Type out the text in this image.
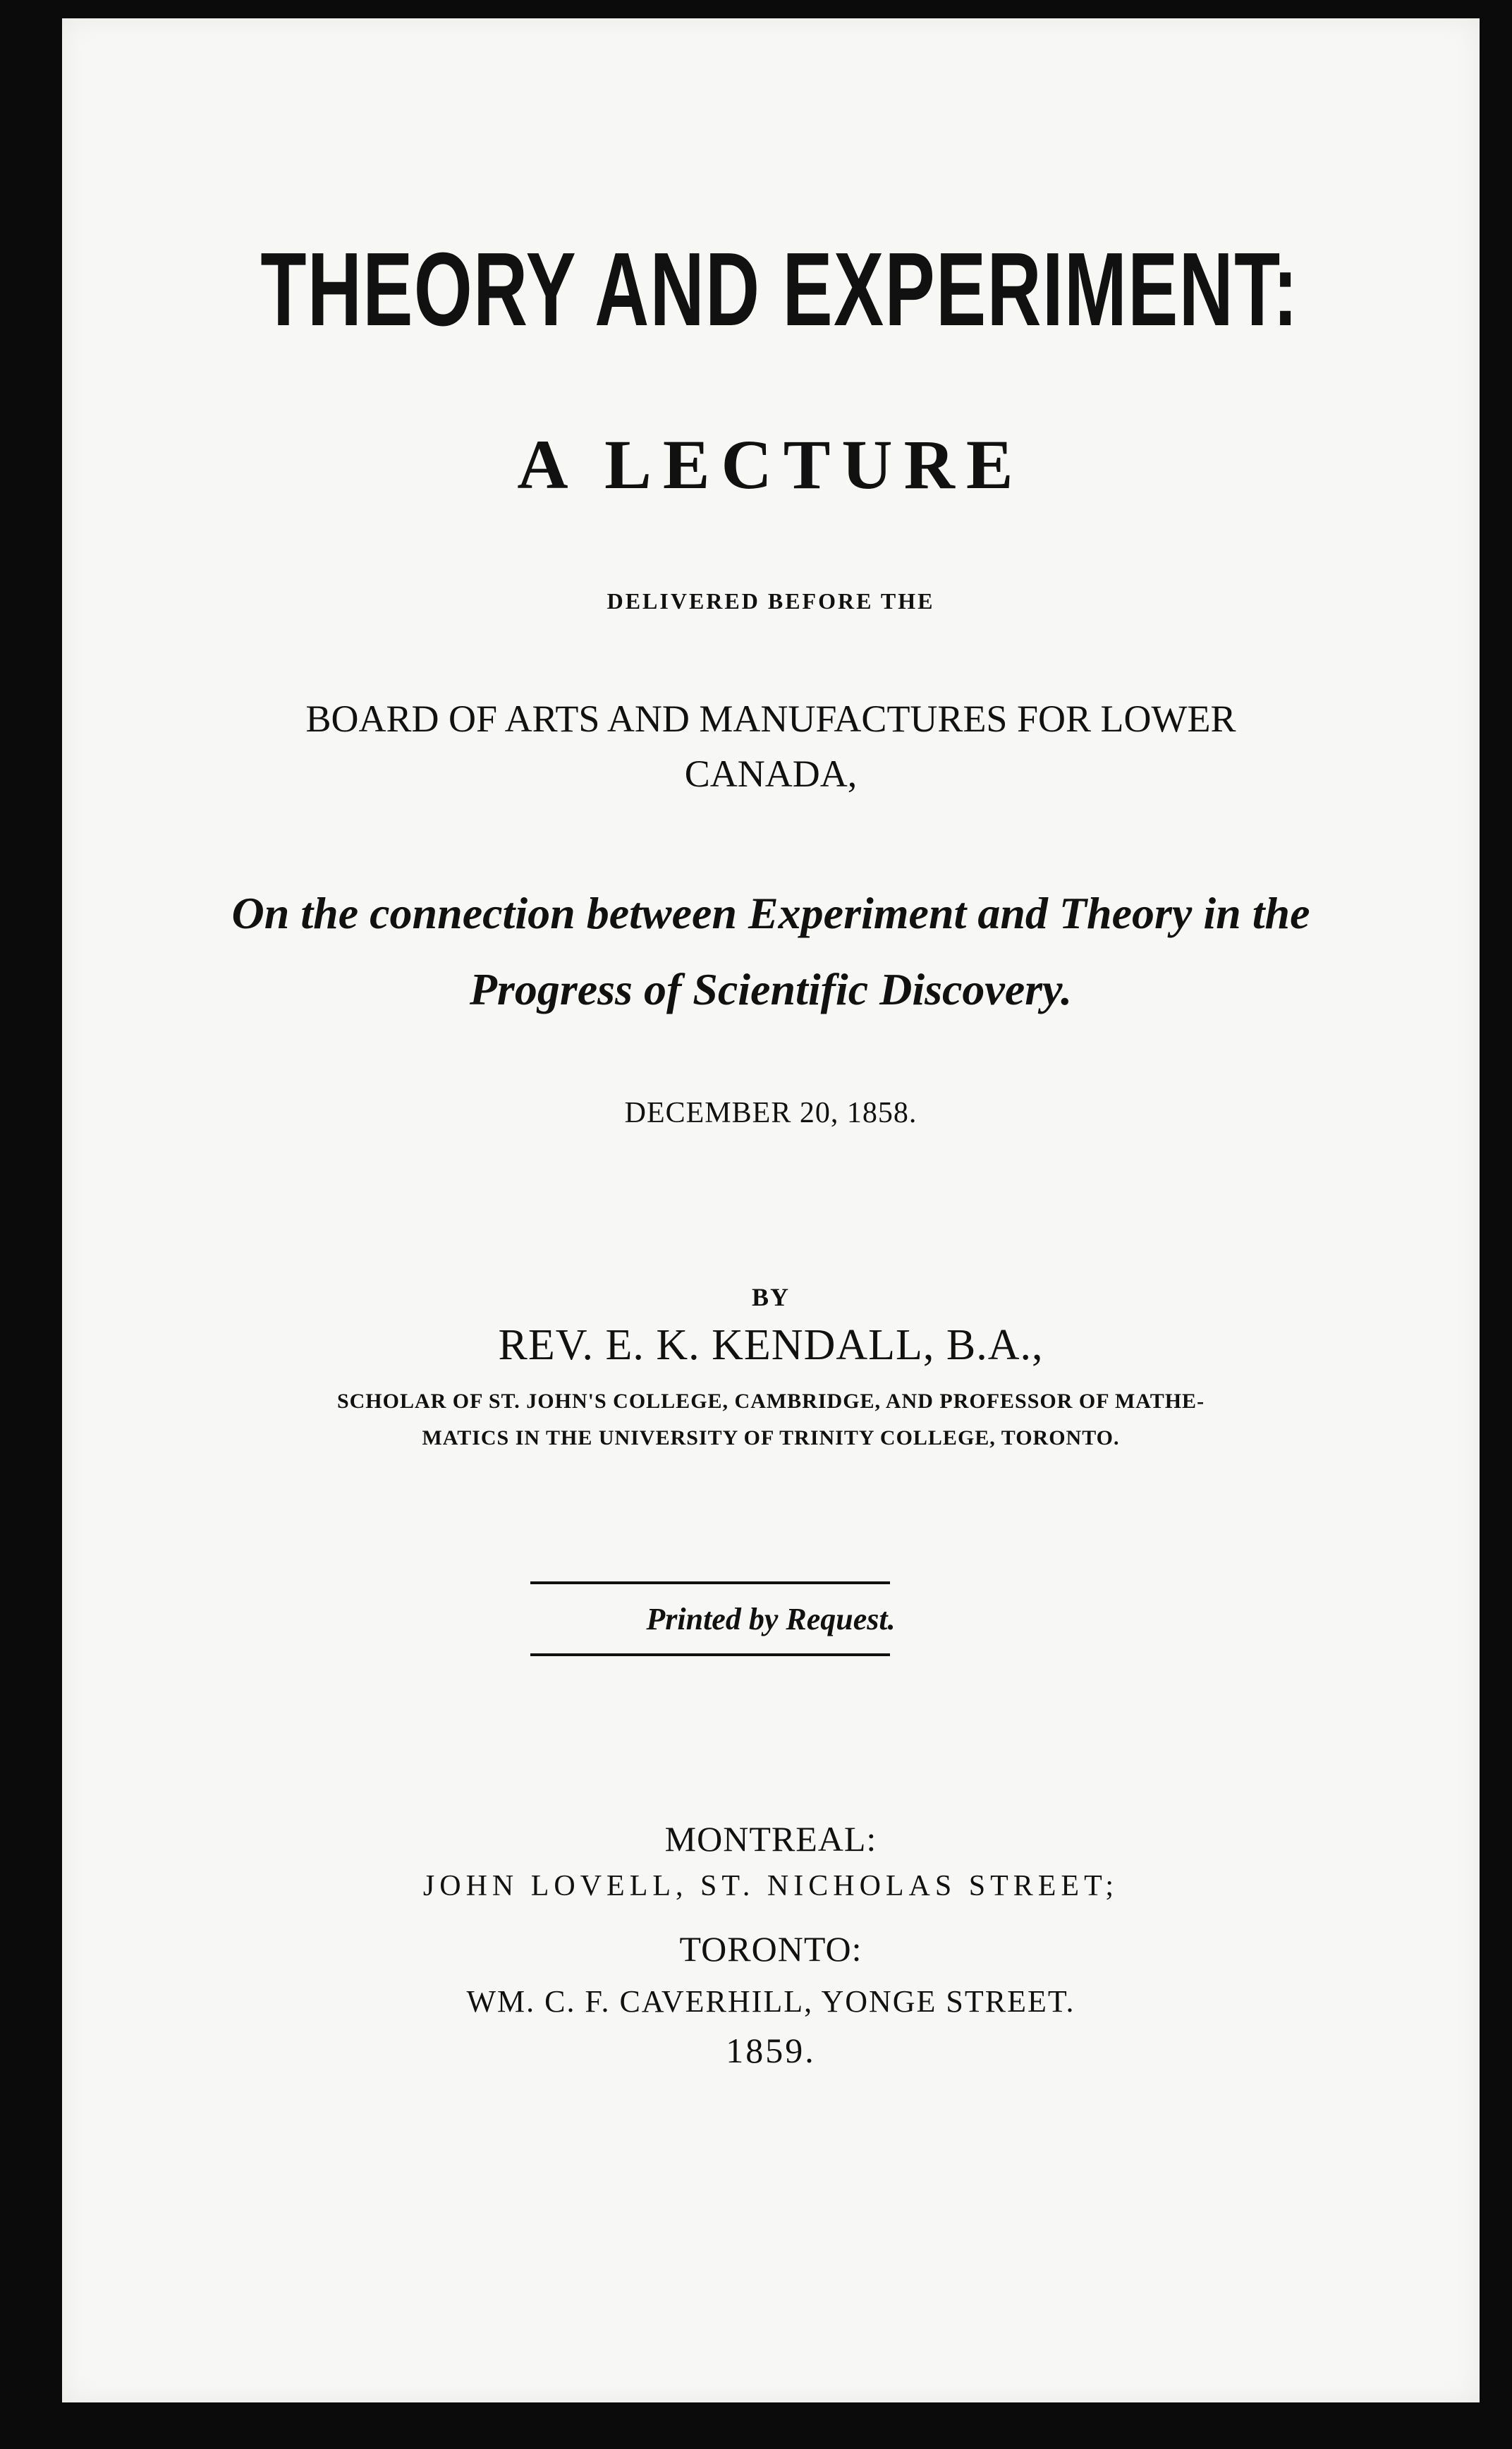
THEORY AND EXPERIMENT:
A LECTURE
DELIVERED BEFORE THE
BOARD OF ARTS AND MANUFACTURES FOR LOWER
CANADA,
On the connection between Experiment and Theory in the
Progress of Scientific Discovery.
DECEMBER 20, 1858.
BY
REV. E. K. KENDALL, B.A.,
SCHOLAR OF ST. JOHN'S COLLEGE, CAMBRIDGE, AND PROFESSOR OF MATHE-
MATICS IN THE UNIVERSITY OF TRINITY COLLEGE, TORONTO.
Printed by Request.
MONTREAL:
JOHN LOVELL, ST. NICHOLAS STREET;
TORONTO:
WM. C. F. CAVERHILL, YONGE STREET.
1859.
